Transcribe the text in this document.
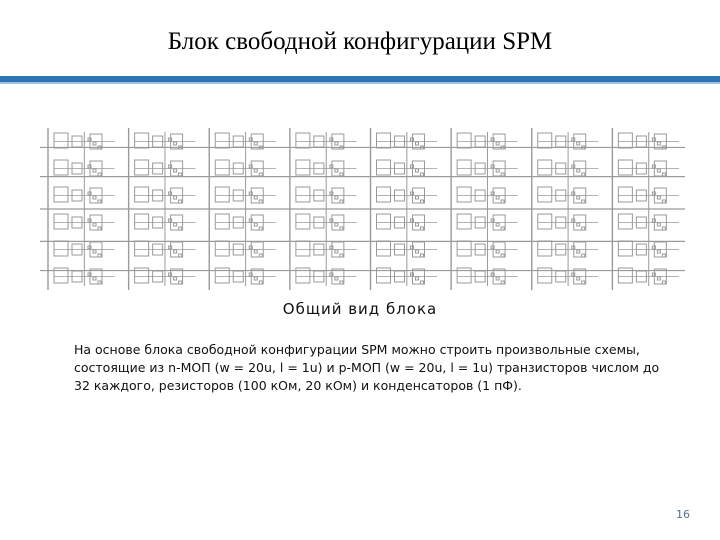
Блок свободной конфигурации SPM
Общий вид блока
На основе блока свободной конфигурации SPM можно строить произвольные схемы, состоящие из n-МОП (w = 20u, l = 1u) и p-МОП (w = 20u, l = 1u) транзисторов числом до 32 каждого, резисторов (100 кОм, 20 кОм) и конденсаторов (1 пФ).
16
